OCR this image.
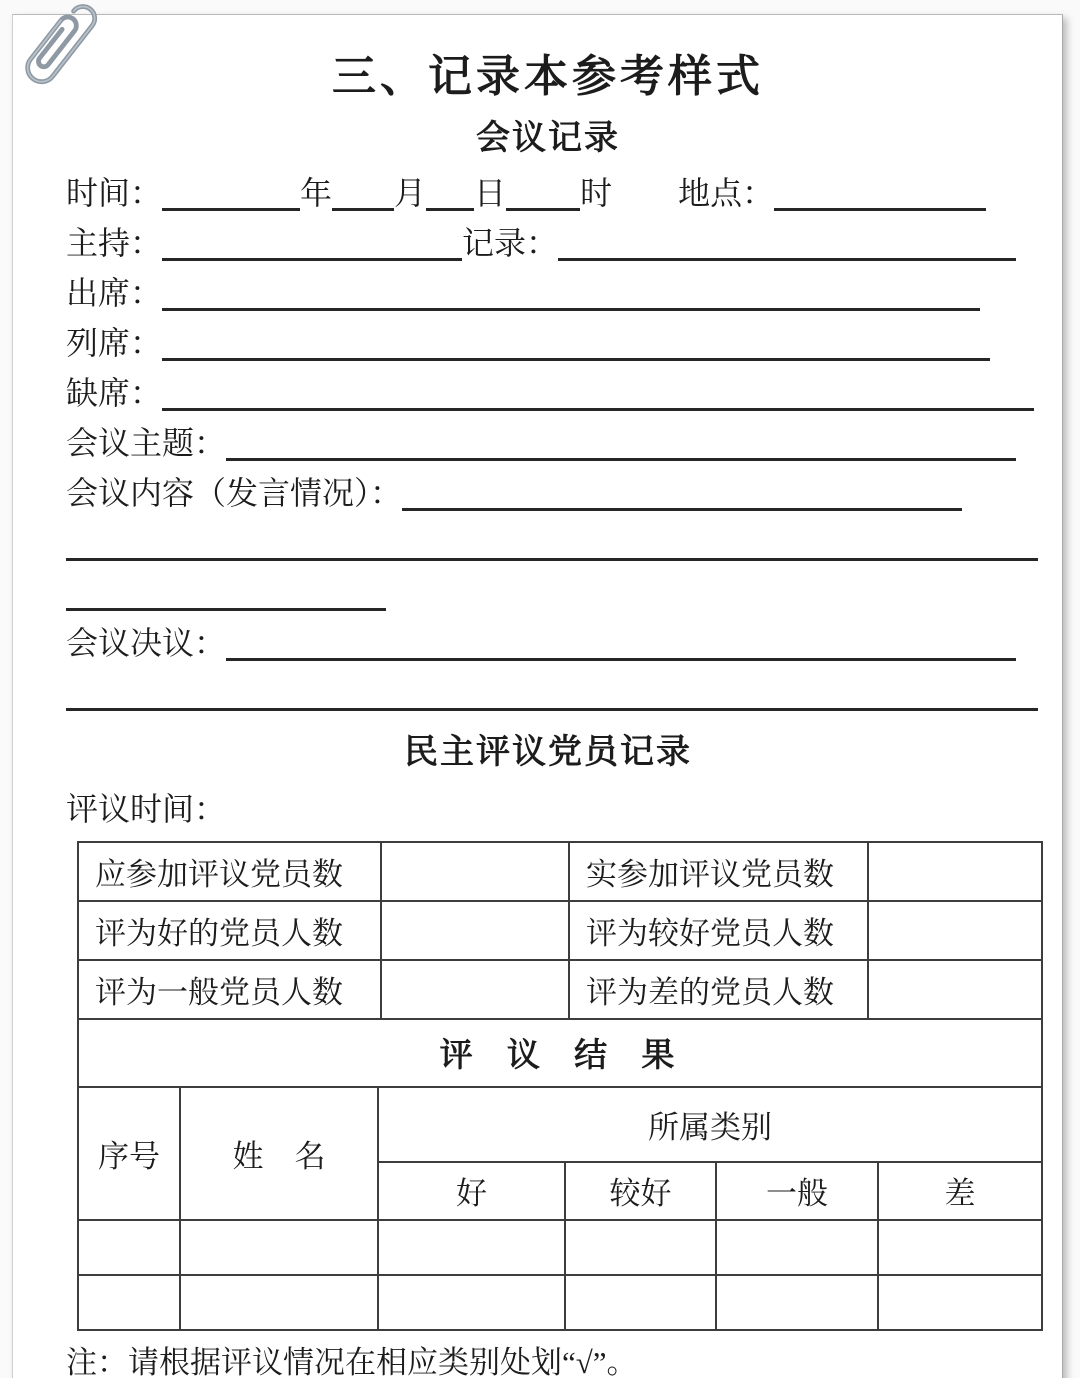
三、记录本参考样式
会议记录
时间：	年 月 日 时 地点：
主持：	记录：
出席：
列席：
缺席：
会议主题：
会议内容（发言情况）：
会议决议：
民主评议党员记录
评议时间：
应参加评议党员数		实参加评议党员数	
评为好的党员人数		评为较好党员人数	
评为一般党员人数		评为差的党员人数	
评 议 结 果					
序号	姓　名	所属类别			
		好	较好	一般	差

注：请根据评议情况在相应类别处划“√”。
